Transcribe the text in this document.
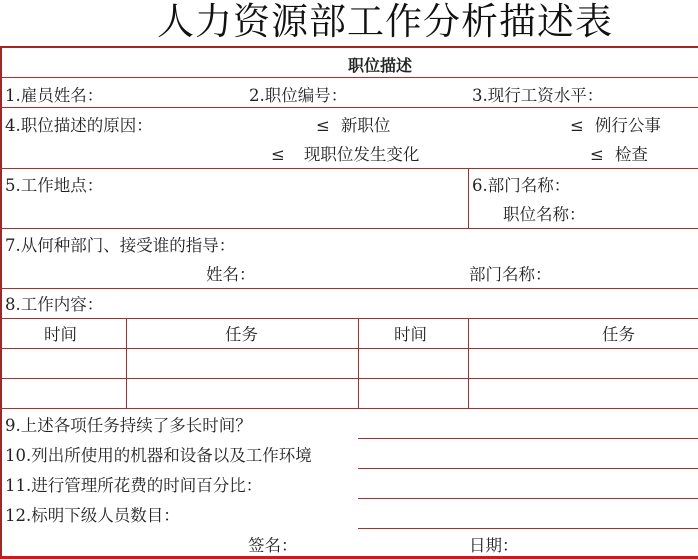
人力资源部工作分析描述表
职位描述
1.雇员姓名：	2.职位编号：	3.现行工资水平：
4.职位描述的原因：	≤ 新职位	≤ 例行公事
≤ 现职位发生变化	≤ 检查
5.工作地点：	6.部门名称：
职位名称：
7.从何种部门、接受谁的指导：
姓名：	部门名称：
8.工作内容：
时间	任务	时间	任务
9.上述各项任务持续了多长时间？
10.列出所使用的机器和设备以及工作环境
11.进行管理所花费的时间百分比：
12.标明下级人员数目：
签名：	日期：
